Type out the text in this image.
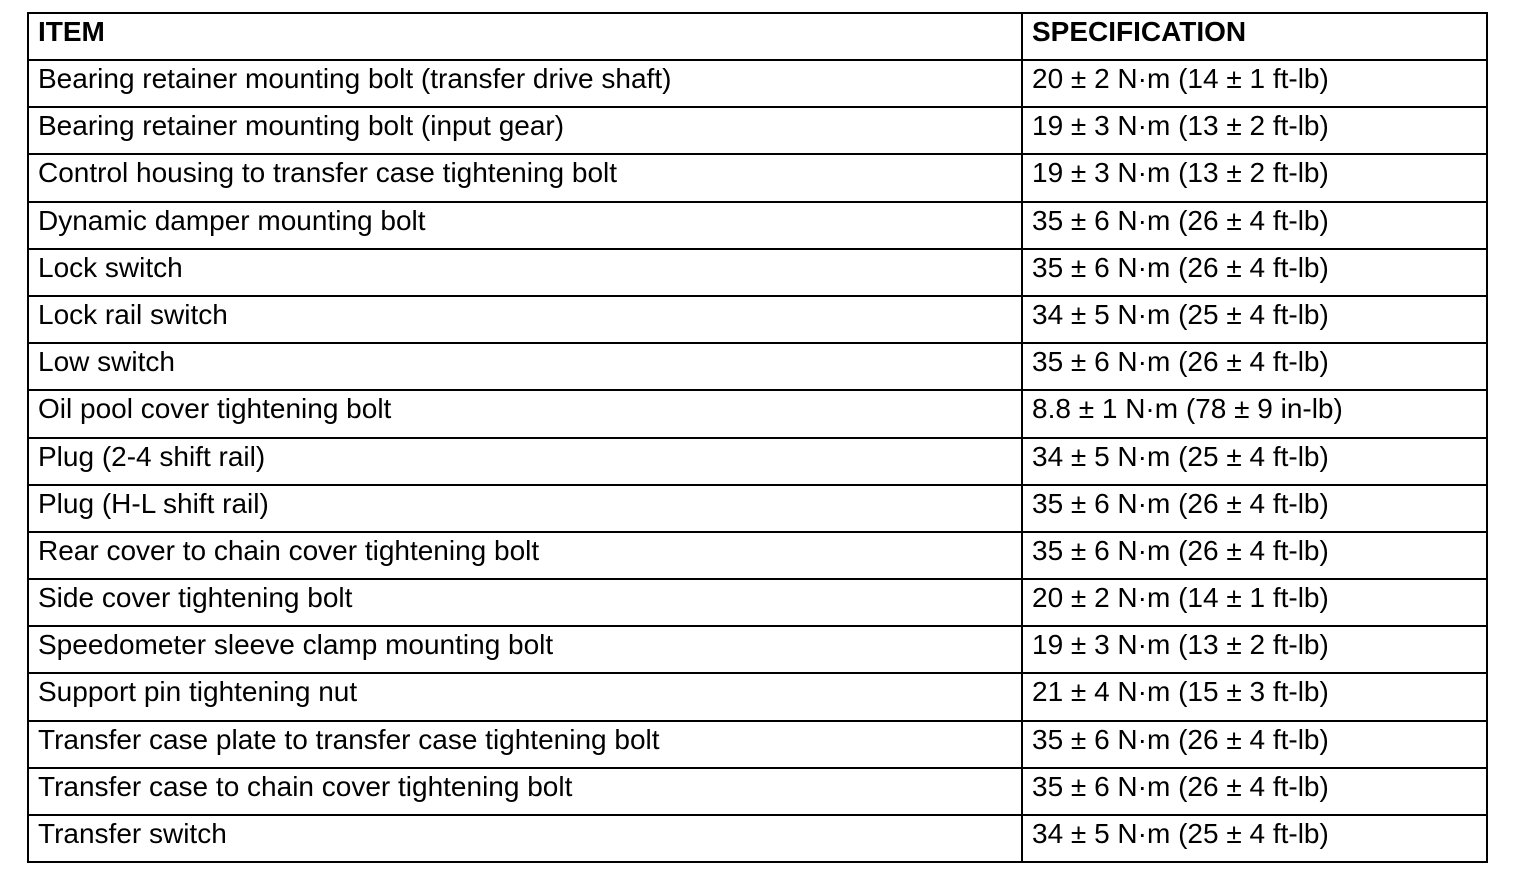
ITEM	SPECIFICATION
Bearing retainer mounting bolt (transfer drive shaft)	20 ± 2 N·m (14 ± 1 ft-lb)
Bearing retainer mounting bolt (input gear)	19 ± 3 N·m (13 ± 2 ft-lb)
Control housing to transfer case tightening bolt	19 ± 3 N·m (13 ± 2 ft-lb)
Dynamic damper mounting bolt	35 ± 6 N·m (26 ± 4 ft-lb)
Lock switch	35 ± 6 N·m (26 ± 4 ft-lb)
Lock rail switch	34 ± 5 N·m (25 ± 4 ft-lb)
Low switch	35 ± 6 N·m (26 ± 4 ft-lb)
Oil pool cover tightening bolt	8.8 ± 1 N·m (78 ± 9 in-lb)
Plug (2-4 shift rail)	34 ± 5 N·m (25 ± 4 ft-lb)
Plug (H-L shift rail)	35 ± 6 N·m (26 ± 4 ft-lb)
Rear cover to chain cover tightening bolt	35 ± 6 N·m (26 ± 4 ft-lb)
Side cover tightening bolt	20 ± 2 N·m (14 ± 1 ft-lb)
Speedometer sleeve clamp mounting bolt	19 ± 3 N·m (13 ± 2 ft-lb)
Support pin tightening nut	21 ± 4 N·m (15 ± 3 ft-lb)
Transfer case plate to transfer case tightening bolt	35 ± 6 N·m (26 ± 4 ft-lb)
Transfer case to chain cover tightening bolt	35 ± 6 N·m (26 ± 4 ft-lb)
Transfer switch	34 ± 5 N·m (25 ± 4 ft-lb)
